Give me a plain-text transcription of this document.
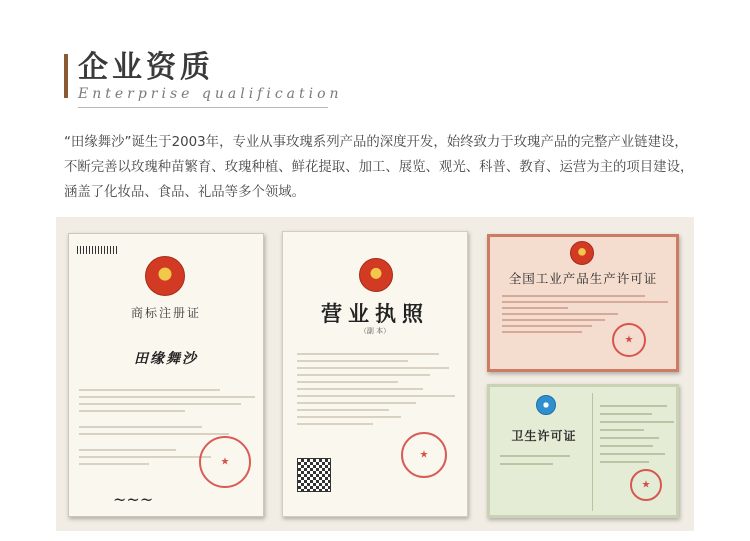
企业资质
Enterprise qualification

“田缘舞沙”诞生于2003年，专业从事玫瑰系列产品的深度开发，始终致力于玫瑰产品的完整产业链建设，不断完善以玫瑰种苗繁育、玫瑰种植、鲜花提取、加工、展览、观光、科普、教育、运营为主的项目建设，涵盖了化妆品、食品、礼品等多个领域。

商标注册证
田缘舞沙
★
~~~
营业执照
（副 本）
★
全国工业产品生产许可证
★
卫生许可证
★
